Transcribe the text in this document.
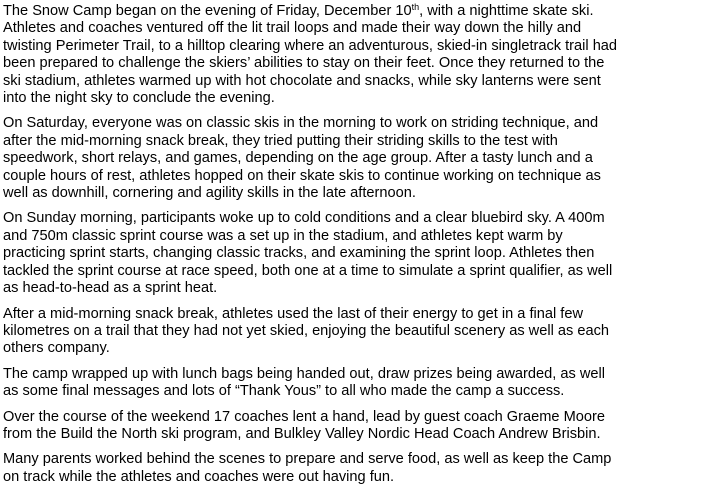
The Snow Camp began on the evening of Friday, December 10th, with a nighttime skate ski.
Athletes and coaches ventured off the lit trail loops and made their way down the hilly and
twisting Perimeter Trail, to a hilltop clearing where an adventurous, skied-in singletrack trail had
been prepared to challenge the skiers’ abilities to stay on their feet. Once they returned to the
ski stadium, athletes warmed up with hot chocolate and snacks, while sky lanterns were sent
into the night sky to conclude the evening.

On Saturday, everyone was on classic skis in the morning to work on striding technique, and
after the mid-morning snack break, they tried putting their striding skills to the test with
speedwork, short relays, and games, depending on the age group. After a tasty lunch and a
couple hours of rest, athletes hopped on their skate skis to continue working on technique as
well as downhill, cornering and agility skills in the late afternoon.

On Sunday morning, participants woke up to cold conditions and a clear bluebird sky. A 400m
and 750m classic sprint course was a set up in the stadium, and athletes kept warm by
practicing sprint starts, changing classic tracks, and examining the sprint loop. Athletes then
tackled the sprint course at race speed, both one at a time to simulate a sprint qualifier, as well
as head-to-head as a sprint heat.

After a mid-morning snack break, athletes used the last of their energy to get in a final few
kilometres on a trail that they had not yet skied, enjoying the beautiful scenery as well as each
others company.

The camp wrapped up with lunch bags being handed out, draw prizes being awarded, as well
as some final messages and lots of “Thank Yous” to all who made the camp a success.

Over the course of the weekend 17 coaches lent a hand, lead by guest coach Graeme Moore
from the Build the North ski program, and Bulkley Valley Nordic Head Coach Andrew Brisbin.

Many parents worked behind the scenes to prepare and serve food, as well as keep the Camp
on track while the athletes and coaches were out having fun.
